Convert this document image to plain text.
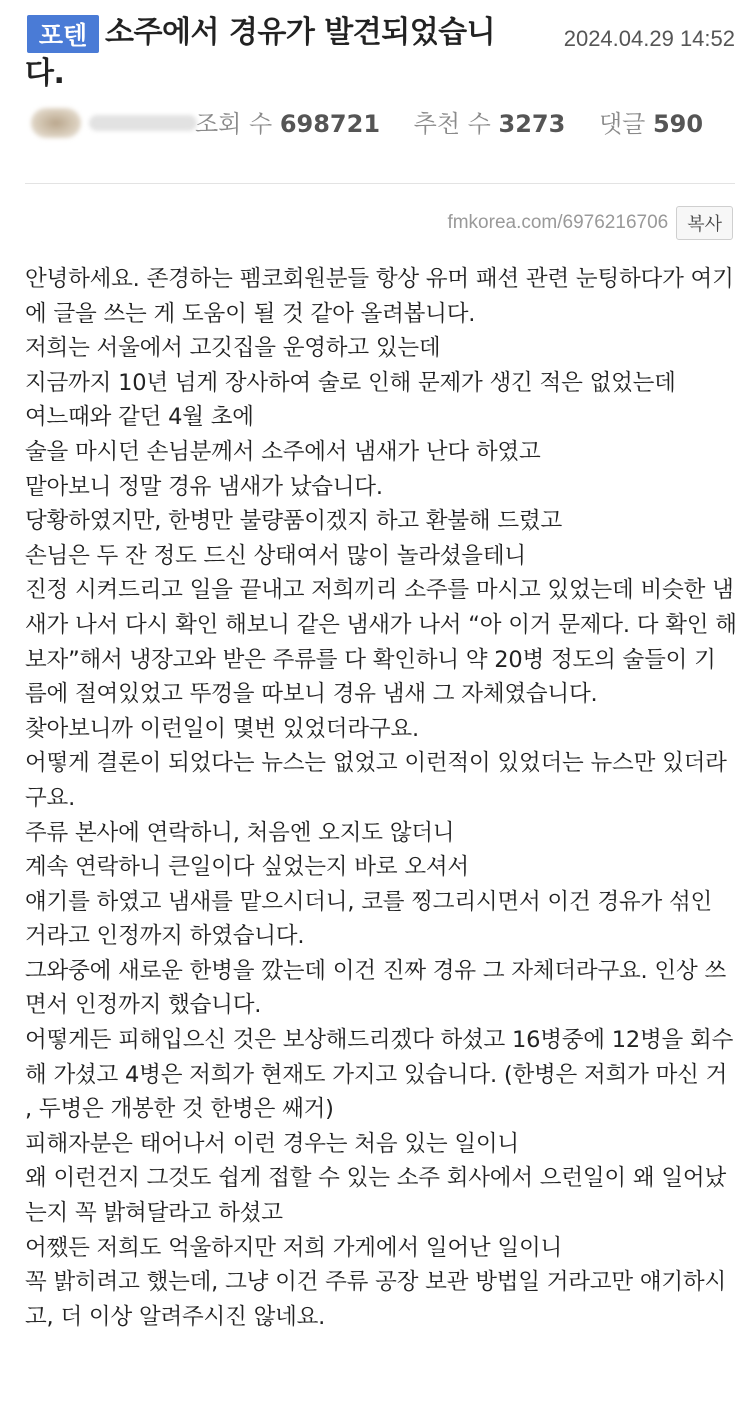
포텐 소주에서 경유가 발견되었습니다.
2024.04.29 14:52
조회 수 698721 추천 수 3273 댓글 590
fmkorea.com/6976216706	복사

안녕하세요. 존경하는 펨코회원분들 항상 유머 패션 관련 눈팅하다가 여기에 글을 쓰는 게 도움이 될 것 같아 올려봅니다.

저희는 서울에서 고깃집을 운영하고 있는데

지금까지 10년 넘게 장사하여 술로 인해 문제가 생긴 적은 없었는데

여느때와 같던 4월 초에

술을 마시던 손님분께서 소주에서 냄새가 난다 하였고

맡아보니 정말 경유 냄새가 났습니다.

당황하였지만, 한병만 불량품이겠지 하고 환불해 드렸고

손님은 두 잔 정도 드신 상태여서 많이 놀라셨을테니

진정 시켜드리고 일을 끝내고 저희끼리 소주를 마시고 있었는데 비슷한 냄새가 나서 다시 확인 해보니 같은 냄새가 나서 “아 이거 문제다. 다 확인 해보자”해서 냉장고와 받은 주류를 다 확인하니 약 20병 정도의 술들이 기름에 절여있었고 뚜껑을 따보니 경유 냄새 그 자체였습니다.

찾아보니까 이런일이 몇번 있었더라구요.

어떻게 결론이 되었다는 뉴스는 없었고 이런적이 있었더는 뉴스만 있더라구요.

주류 본사에 연락하니, 처음엔 오지도 않더니

계속 연락하니 큰일이다 싶었는지 바로 오셔서

얘기를 하였고 냄새를 맡으시더니, 코를 찡그리시면서 이건 경유가 섞인 거라고 인정까지 하였습니다.

그와중에 새로운 한병을 깠는데 이건 진짜 경유 그 자체더라구요. 인상 쓰면서 인정까지 했습니다.

어떻게든 피해입으신 것은 보상해드리겠다 하셨고 16병중에 12병을 회수해 가셨고 4병은 저희가 현재도 가지고 있습니다. (한병은 저희가 마신 거 , 두병은 개봉한 것 한병은 쌔거)

피해자분은 태어나서 이런 경우는 처음 있는 일이니

왜 이런건지 그것도 쉽게 접할 수 있는 소주 회사에서 으런일이 왜 일어났는지 꼭 밝혀달라고 하셨고

어쨌든 저희도 억울하지만 저희 가게에서 일어난 일이니

꼭 밝히려고 했는데, 그냥 이건 주류 공장 보관 방법일 거라고만 얘기하시고, 더 이상 알려주시진 않네요.
